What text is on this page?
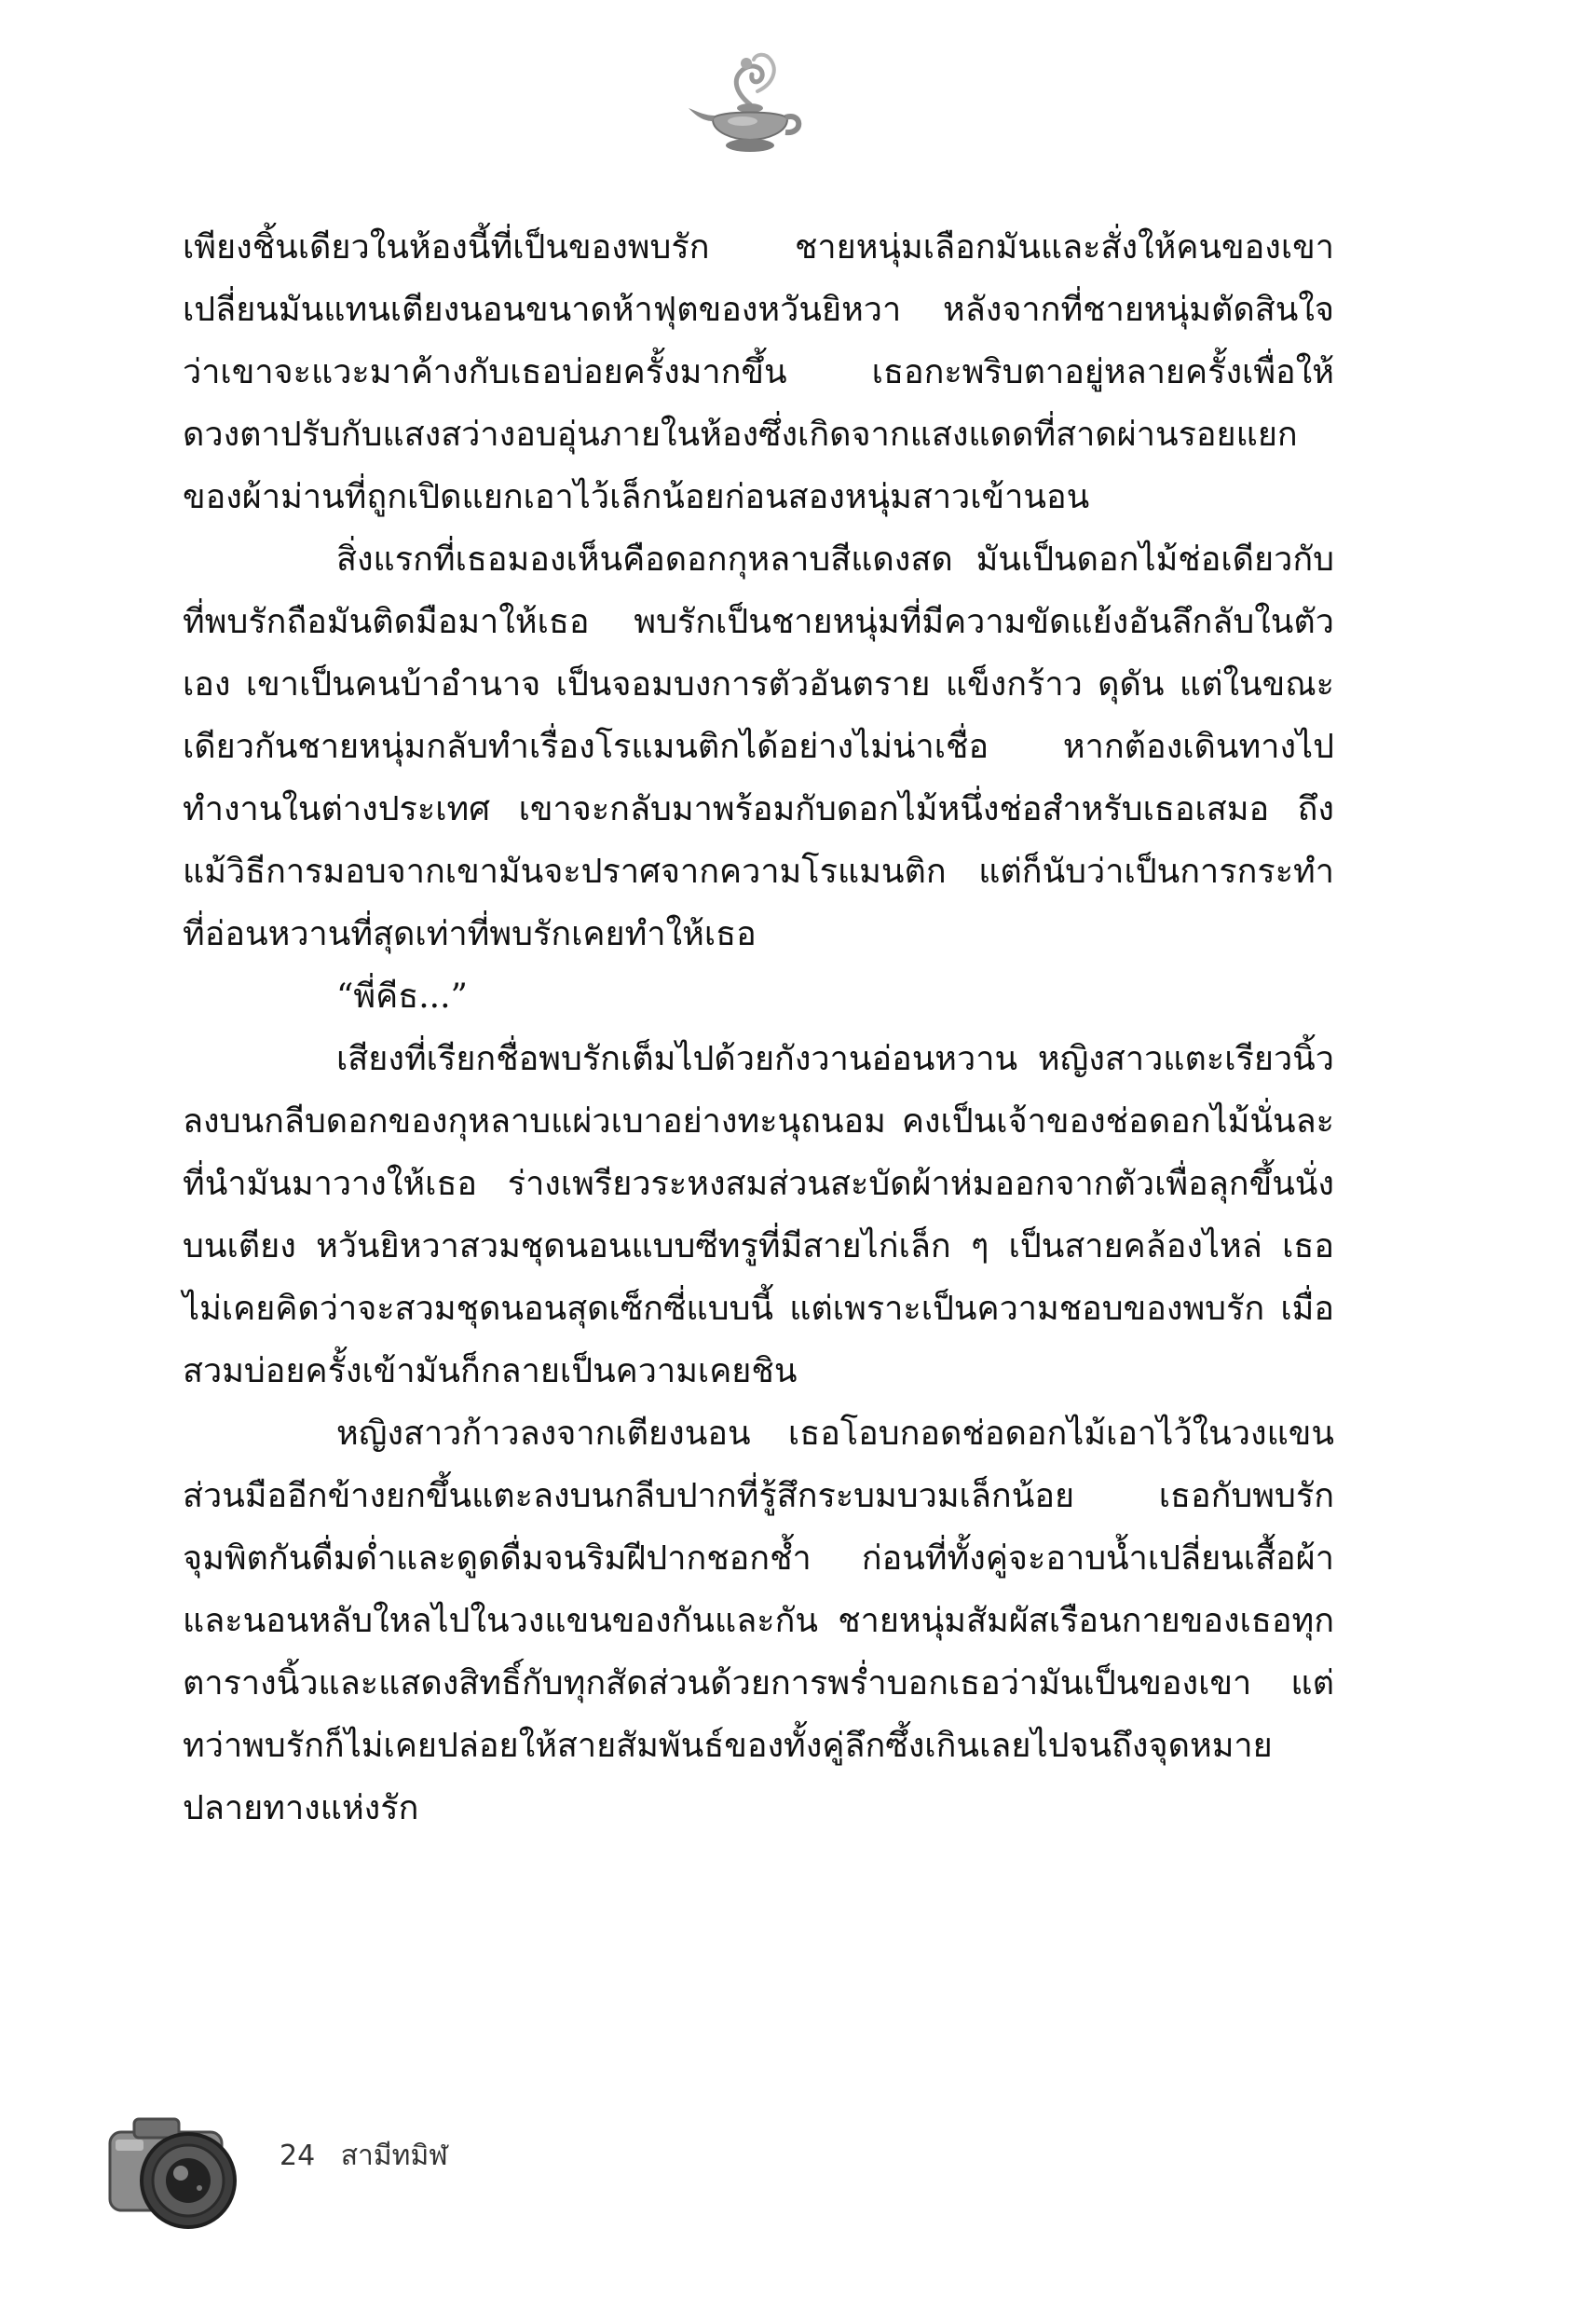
เพียงชิ้นเดียวในห้องนี้ที่เป็นของพบรัก ชายหนุ่มเลือกมันและสั่งให้คนของเขาเปลี่ยนมันแทนเตียงนอนขนาดห้าฟุตของหวันยิหวา หลังจากที่ชายหนุ่มตัดสินใจว่าเขาจะแวะมาค้างกับเธอบ่อยครั้งมากขึ้น เธอกะพริบตาอยู่หลายครั้งเพื่อให้ดวงตาปรับกับแสงสว่างอบอุ่นภายในห้องซึ่งเกิดจากแสงแดดที่สาดผ่านรอยแยกของผ้าม่านที่ถูกเปิดแยกเอาไว้เล็กน้อยก่อนสองหนุ่มสาวเข้านอน

สิ่งแรกที่เธอมองเห็นคือดอกกุหลาบสีแดงสด มันเป็นดอกไม้ช่อเดียวกับที่พบรักถือมันติดมือมาให้เธอ พบรักเป็นชายหนุ่มที่มีความขัดแย้งอันลึกลับในตัวเอง เขาเป็นคนบ้าอำนาจ เป็นจอมบงการตัวอันตราย แข็งกร้าว ดุดัน แต่ในขณะเดียวกันชายหนุ่มกลับทำเรื่องโรแมนติกได้อย่างไม่น่าเชื่อ หากต้องเดินทางไปทำงานในต่างประเทศ เขาจะกลับมาพร้อมกับดอกไม้หนึ่งช่อสำหรับเธอเสมอ ถึงแม้วิธีการมอบจากเขามันจะปราศจากความโรแมนติก แต่ก็นับว่าเป็นการกระทำที่อ่อนหวานที่สุดเท่าที่พบรักเคยทำให้เธอ

“พี่คีธ...”

เสียงที่เรียกชื่อพบรักเต็มไปด้วยกังวานอ่อนหวาน หญิงสาวแตะเรียวนิ้วลงบนกลีบดอกของกุหลาบแผ่วเบาอย่างทะนุถนอม คงเป็นเจ้าของช่อดอกไม้นั่นละที่นำมันมาวางให้เธอ ร่างเพรียวระหงสมส่วนสะบัดผ้าห่มออกจากตัวเพื่อลุกขึ้นนั่งบนเตียง หวันยิหวาสวมชุดนอนแบบซีทรูที่มีสายไก่เล็ก ๆ เป็นสายคล้องไหล่ เธอไม่เคยคิดว่าจะสวมชุดนอนสุดเซ็กซี่แบบนี้ แต่เพราะเป็นความชอบของพบรัก เมื่อสวมบ่อยครั้งเข้ามันก็กลายเป็นความเคยชิน

หญิงสาวก้าวลงจากเตียงนอน เธอโอบกอดช่อดอกไม้เอาไว้ในวงแขน ส่วนมืออีกข้างยกขึ้นแตะลงบนกลีบปากที่รู้สึกระบมบวมเล็กน้อย เธอกับพบรักจุมพิตกันดื่มด่ำและดูดดื่มจนริมฝีปากชอกช้ำ ก่อนที่ทั้งคู่จะอาบน้ำเปลี่ยนเสื้อผ้าและนอนหลับใหลไปในวงแขนของกันและกัน ชายหนุ่มสัมผัสเรือนกายของเธอทุกตารางนิ้วและแสดงสิทธิ์กับทุกสัดส่วนด้วยการพร่ำบอกเธอว่ามันเป็นของเขา แต่ทว่าพบรักก็ไม่เคยปล่อยให้สายสัมพันธ์ของทั้งคู่ลึกซึ้งเกินเลยไปจนถึงจุดหมายปลายทางแห่งรัก

24 สามีทมิฬ
